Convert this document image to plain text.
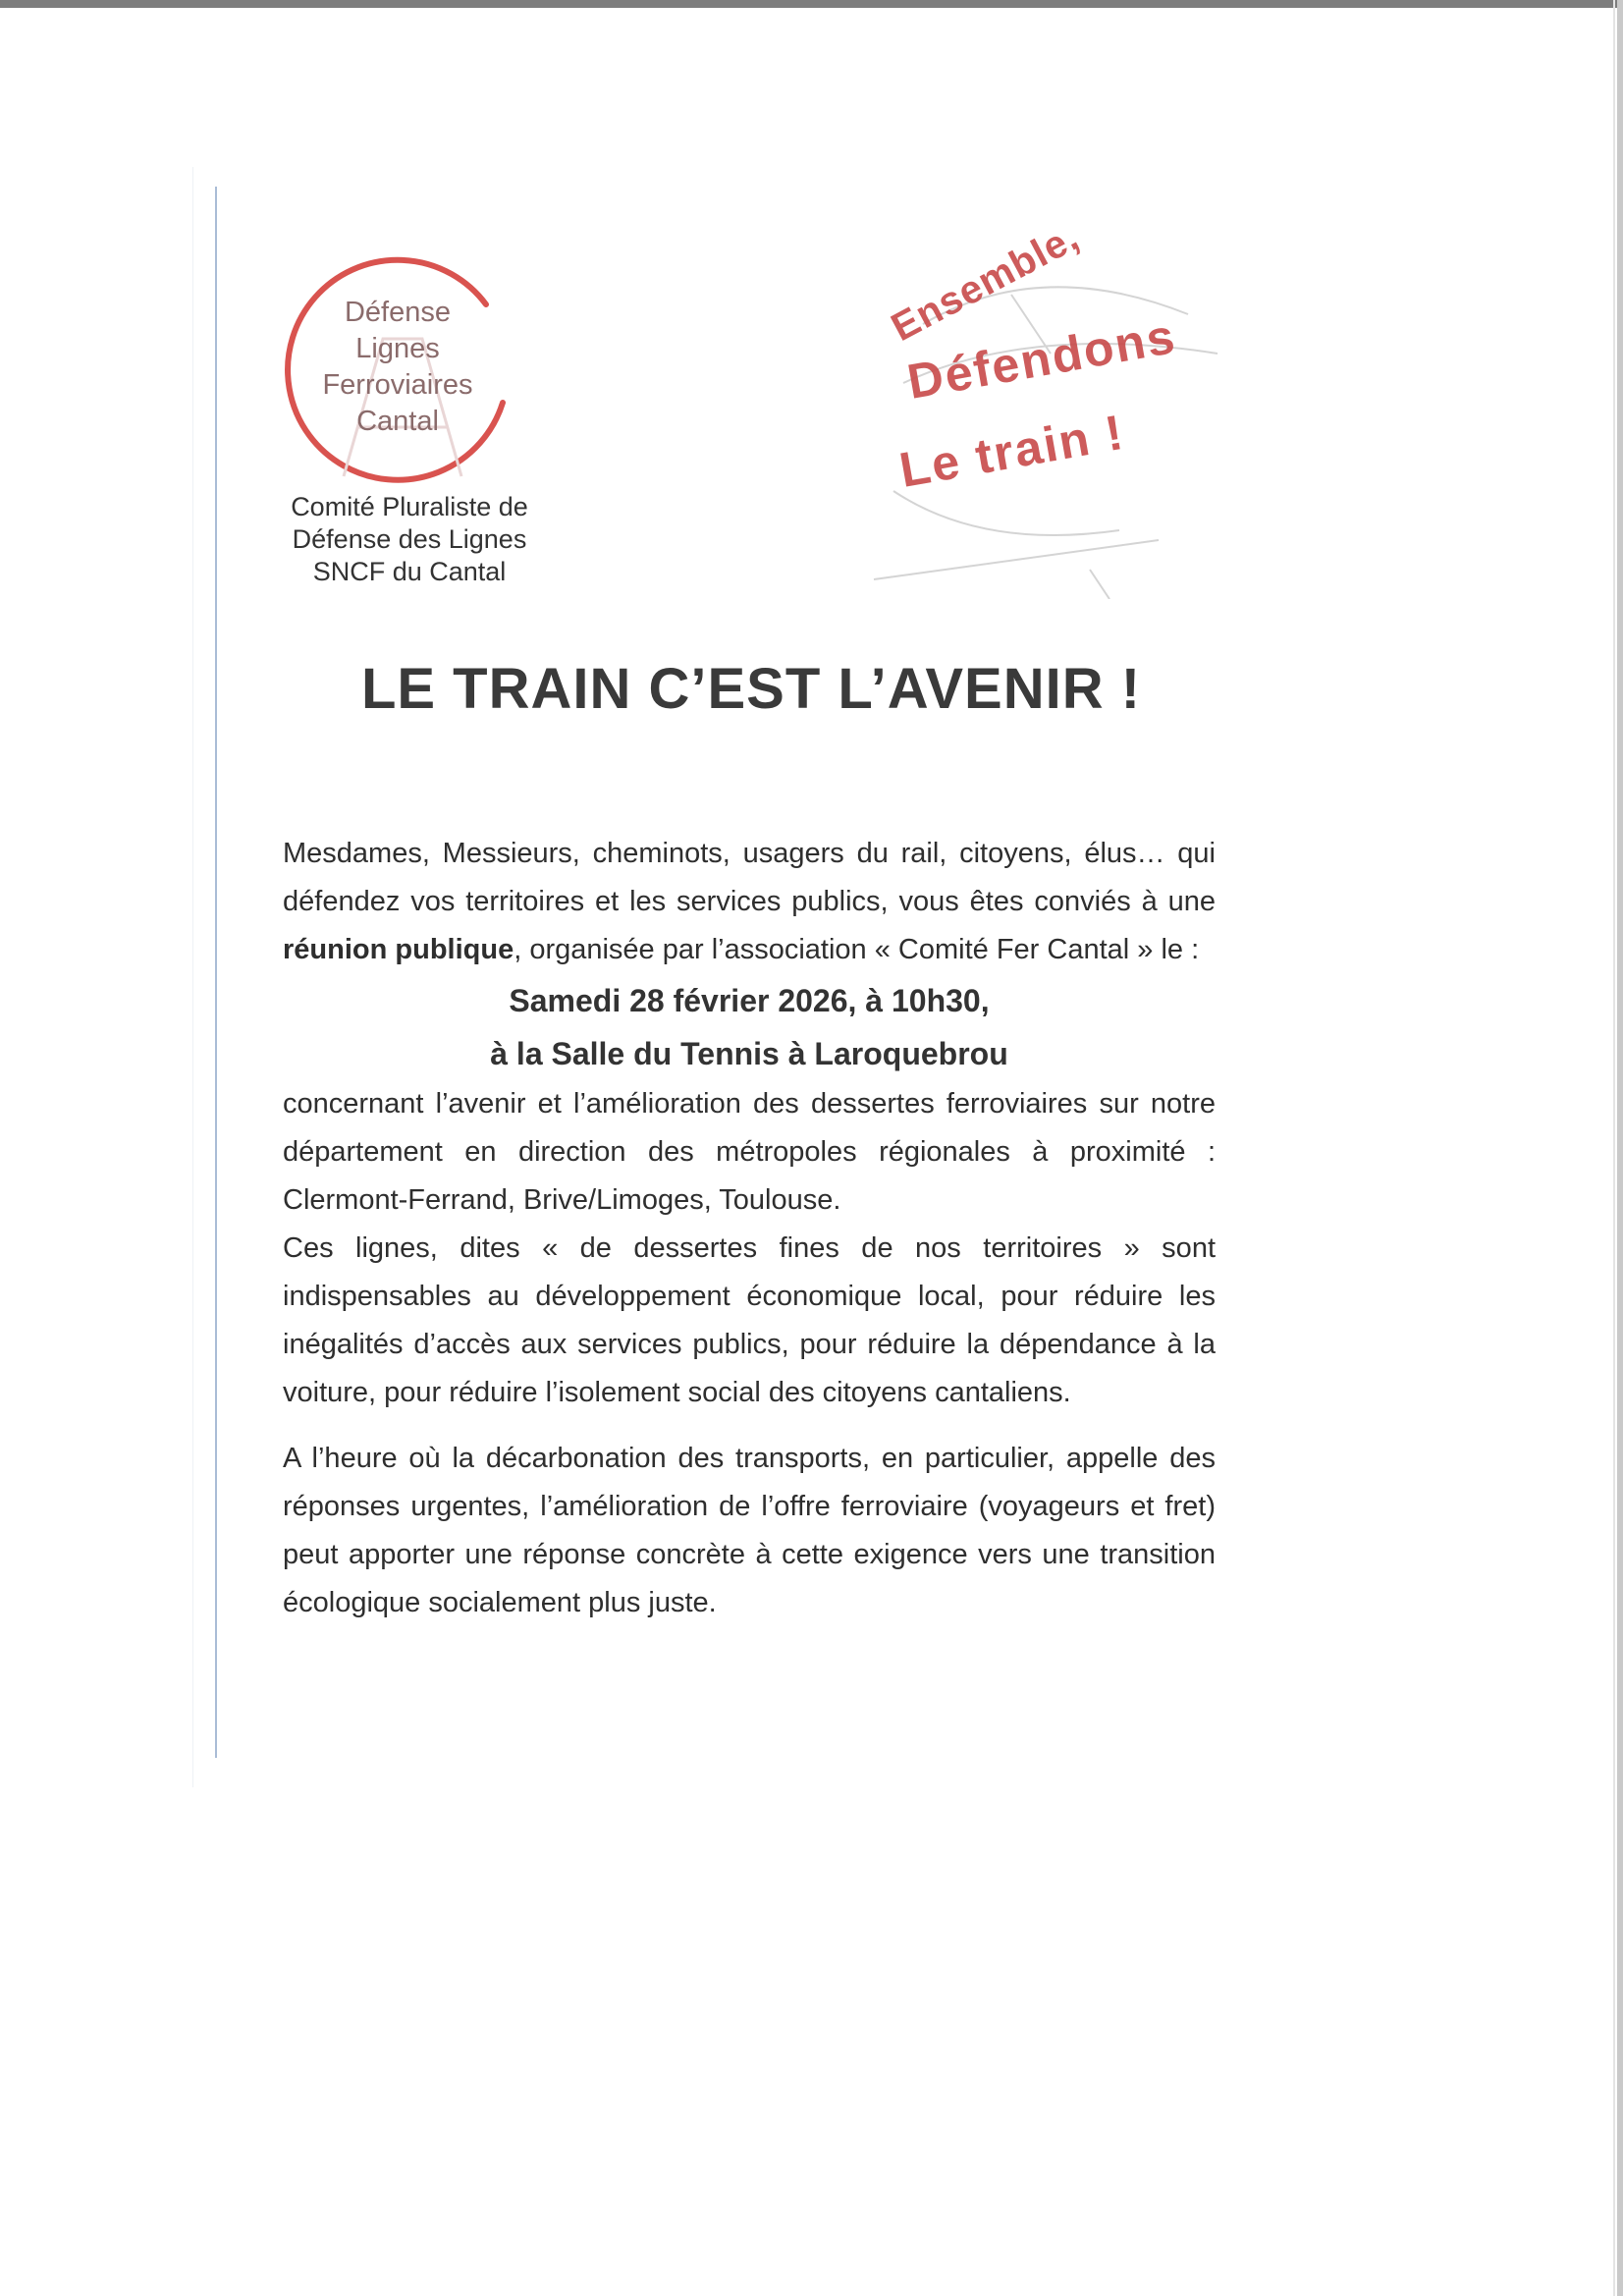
Défense
Lignes
Ferroviaires
Cantal
Comité Pluraliste de
Défense des Lignes
SNCF du Cantal
Ensemble,
Défendons
Le train !
LE TRAIN C’EST L’AVENIR !

Mesdames, Messieurs, cheminots, usagers du rail, citoyens, élus… qui défendez vos territoires et les services publics, vous êtes conviés à une réunion publique, organisée par l’association « Comité Fer Cantal » le :

Samedi 28 février 2026, à 10h30,
à la Salle du Tennis à Laroquebrou

concernant l’avenir et l’amélioration des dessertes ferroviaires sur notre département en direction des métropoles régionales à proximité : Clermont-Ferrand, Brive/Limoges, Toulouse.

Ces lignes, dites « de dessertes fines de nos territoires » sont indispensables au développement économique local, pour réduire les inégalités d’accès aux services publics, pour réduire la dépendance à la voiture, pour réduire l’isolement social des citoyens cantaliens.

A l’heure où la décarbonation des transports, en particulier, appelle des réponses urgentes, l’amélioration de l’offre ferroviaire (voyageurs et fret) peut apporter une réponse concrète à cette exigence vers une transition écologique socialement plus juste.
